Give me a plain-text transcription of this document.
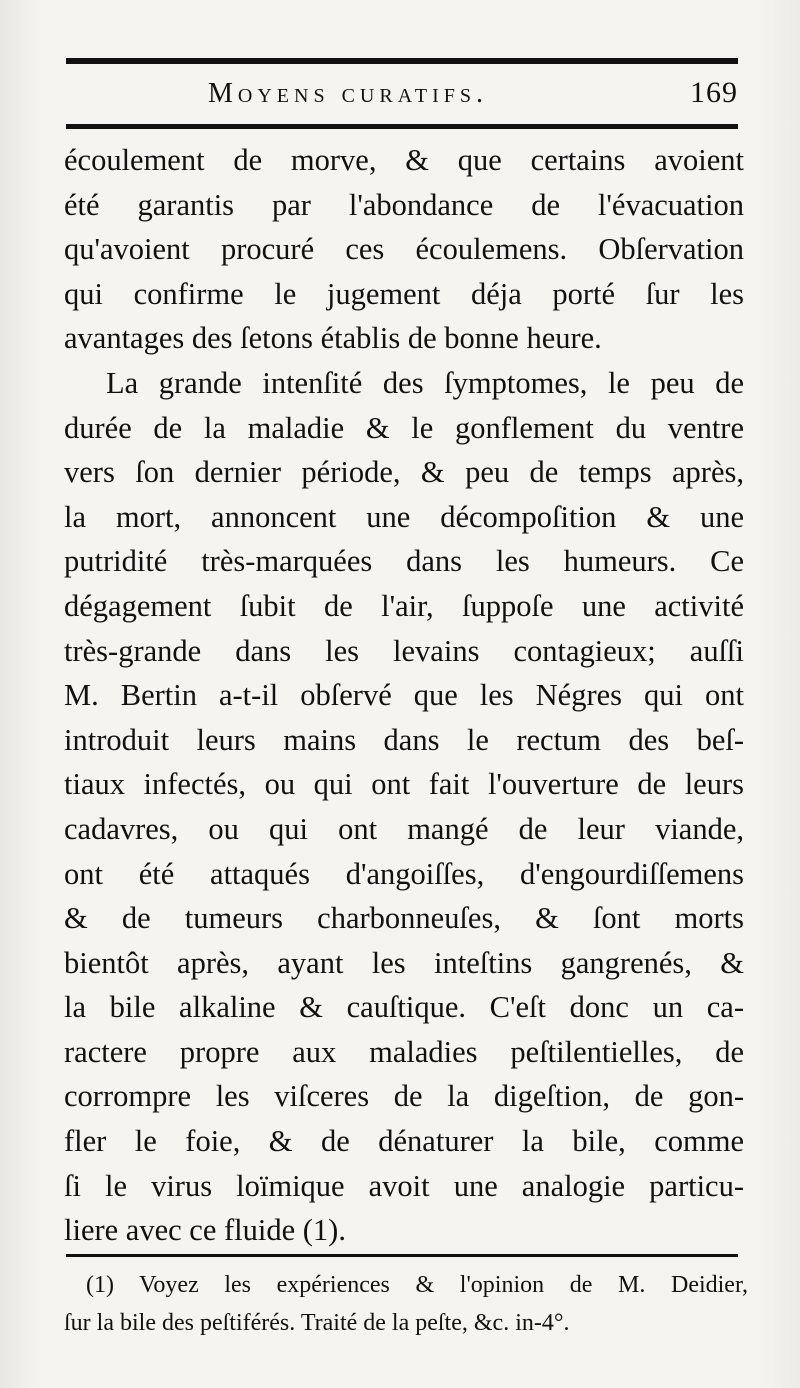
Moyens curatifs.	169
écoulement de morve, & que certains avoient
été garantis par l'abondance de l'évacuation
qu'avoient procuré ces écoulemens. Obſervation
qui confirme le jugement déja porté ſur les
avantages des ſetons établis de bonne heure.
La grande intenſité des ſymptomes, le peu de
durée de la maladie & le gonflement du ventre
vers ſon dernier période, & peu de temps après,
la mort, annoncent une décompoſition & une
putridité très-marquées dans les humeurs. Ce
dégagement ſubit de l'air, ſuppoſe une activité
très-grande dans les levains contagieux; auſſi
M. Bertin a-t-il obſervé que les Négres qui ont
introduit leurs mains dans le rectum des beſ-
tiaux infectés, ou qui ont fait l'ouverture de leurs
cadavres, ou qui ont mangé de leur viande,
ont été attaqués d'angoiſſes, d'engourdiſſemens
& de tumeurs charbonneuſes, & ſont morts
bientôt après, ayant les inteſtins gangrenés, &
la bile alkaline & cauſtique. C'eſt donc un ca-
ractere propre aux maladies peſtilentielles, de
corrompre les viſceres de la digeſtion, de gon-
fler le foie, & de dénaturer la bile, comme
ſi le virus loïmique avoit une analogie particu-
liere avec ce fluide (1).
(1) Voyez les expériences & l'opinion de M. Deidier,
ſur la bile des peſtiférés. Traité de la peſte, &c. in-4°.
